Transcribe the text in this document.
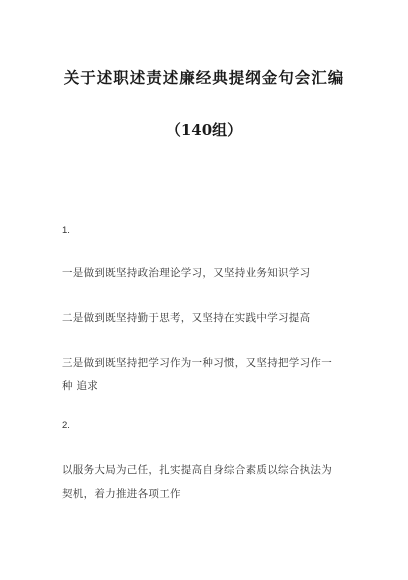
关于述职述责述廉经典提纲金句会汇编
（140组）
1.
一是做到既坚持政治理论学习，又坚持业务知识学习
二是做到既坚持勤于思考，又坚持在实践中学习提高
三是做到既坚持把学习作为一种习惯，又坚持把学习作一
种 追求
2.
以服务大局为己任，扎实提高自身综合素质以综合执法为
契机，着力推进各项工作
